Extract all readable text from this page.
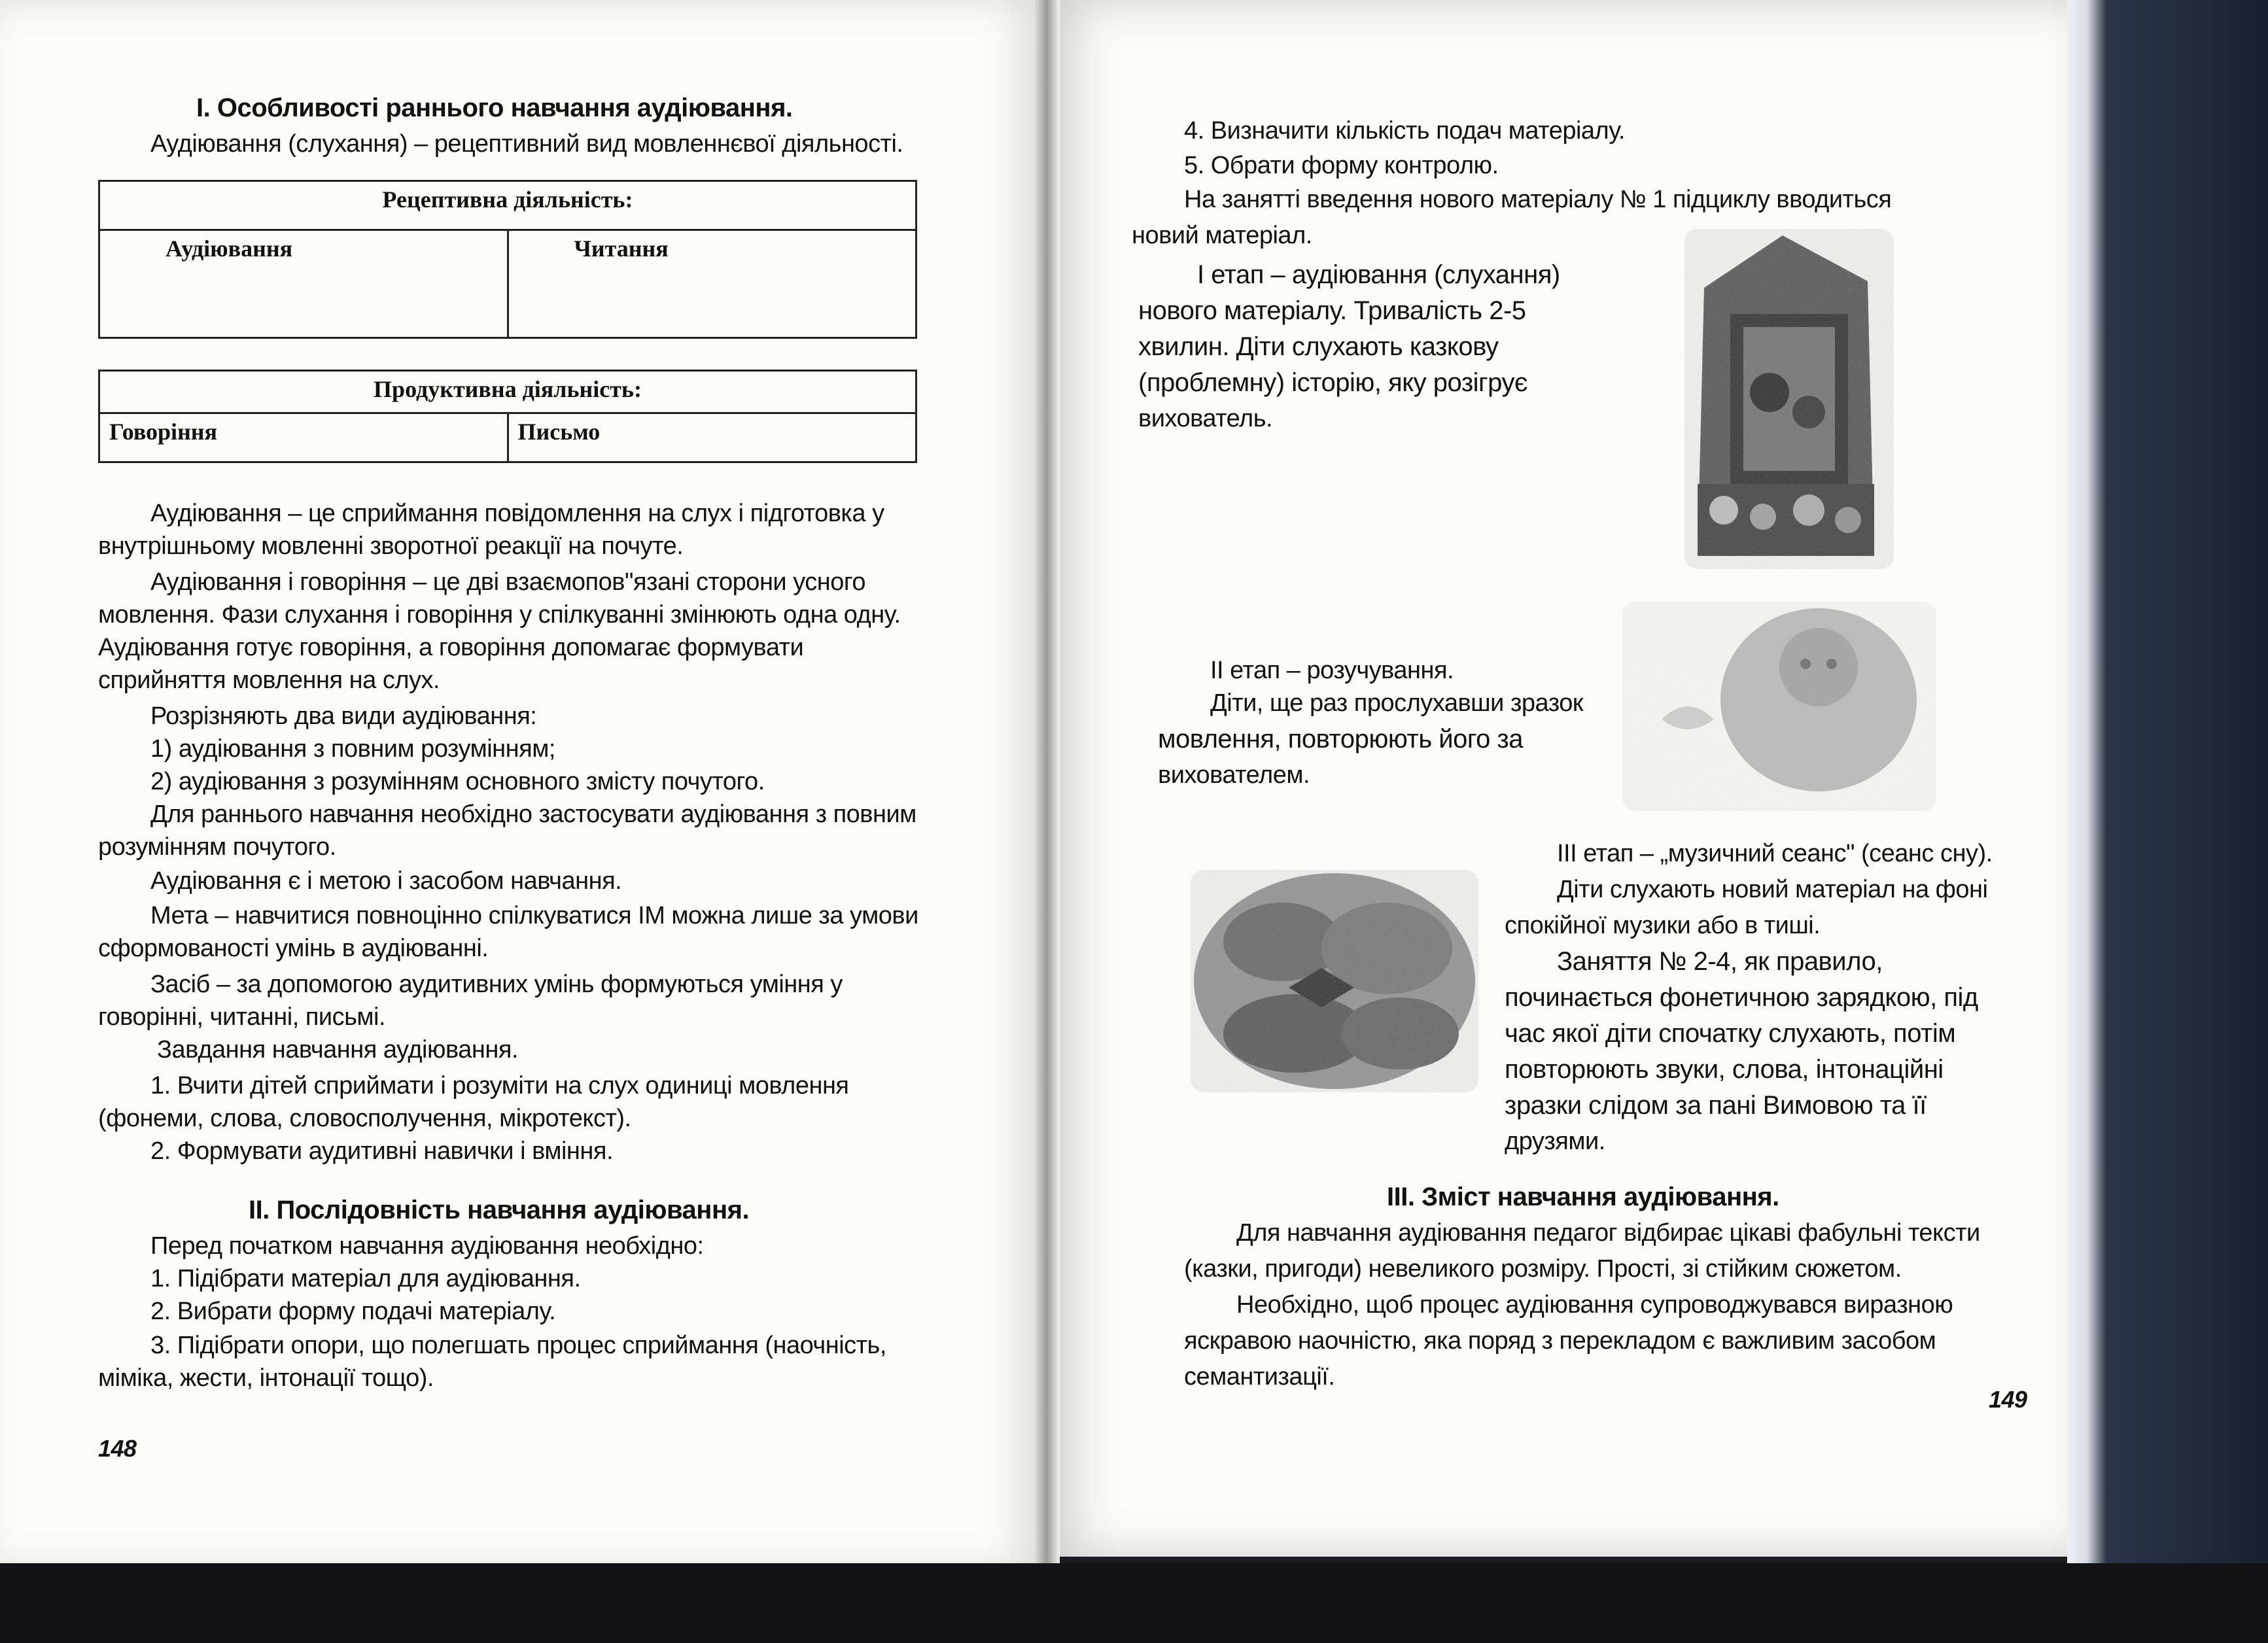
I. Особливості раннього навчання аудіювання.
Аудіювання (слухання) – рецептивний вид мовленнєвої діяльності.
Рецептивна діяльність:
Аудіювання	Читання
Продуктивна діяльність:
Говоріння	Письмо
Аудіювання – це сприймання повідомлення на слух і підготовка у
внутрішньому мовленні зворотної реакції на почуте.
Аудіювання і говоріння – це дві взаємопов"язані сторони усного
мовлення. Фази слухання і говоріння у спілкуванні змінюють одна одну.
Аудіювання готує говоріння, а говоріння допомагає формувати
сприйняття мовлення на слух.
Розрізняють два види аудіювання:
1) аудіювання з повним розумінням;
2) аудіювання з розумінням основного змісту почутого.
Для раннього навчання необхідно застосувати аудіювання з повним
розумінням почутого.
Аудіювання є і метою і засобом навчання.
Мета – навчитися повноцінно спілкуватися ІМ можна лише за умови
сформованості умінь в аудіюванні.
Засіб – за допомогою аудитивних умінь формуються уміння у
говорінні, читанні, письмі.
Завдання навчання аудіювання.
1. Вчити дітей сприймати і розуміти на слух одиниці мовлення
(фонеми, слова, словосполучення, мікротекст).
2. Формувати аудитивні навички і вміння.
II. Послідовність навчання аудіювання.
Перед початком навчання аудіювання необхідно:
1. Підібрати матеріал для аудіювання.
2. Вибрати форму подачі матеріалу.
3. Підібрати опори, що полегшать процес сприймання (наочність,
міміка, жести, інтонації тощо).
148
4. Визначити кількість подач матеріалу.
5. Обрати форму контролю.
На занятті введення нового матеріалу № 1 підциклу вводиться
новий матеріал.
І етап – аудіювання (слухання)
нового матеріалу. Тривалість 2-5
хвилин. Діти слухають казкову
(проблемну) історію, яку розігрує
вихователь.
ІІ етап – розучування.
Діти, ще раз прослухавши зразок
мовлення, повторюють його за
вихователем.
ІІІ етап – „музичний сеанс" (сеанс сну).
Діти слухають новий матеріал на фоні
спокійної музики або в тиші.
Заняття № 2-4, як правило,
починається фонетичною зарядкою, під
час якої діти спочатку слухають, потім
повторюють звуки, слова, інтонаційні
зразки слідом за пані Вимовою та її
друзями.
III. Зміст навчання аудіювання.
Для навчання аудіювання педагог відбирає цікаві фабульні тексти
(казки, пригоди) невеликого розміру. Прості, зі стійким сюжетом.
Необхідно, щоб процес аудіювання супроводжувався виразною
яскравою наочністю, яка поряд з перекладом є важливим засобом
семантизації.
149
